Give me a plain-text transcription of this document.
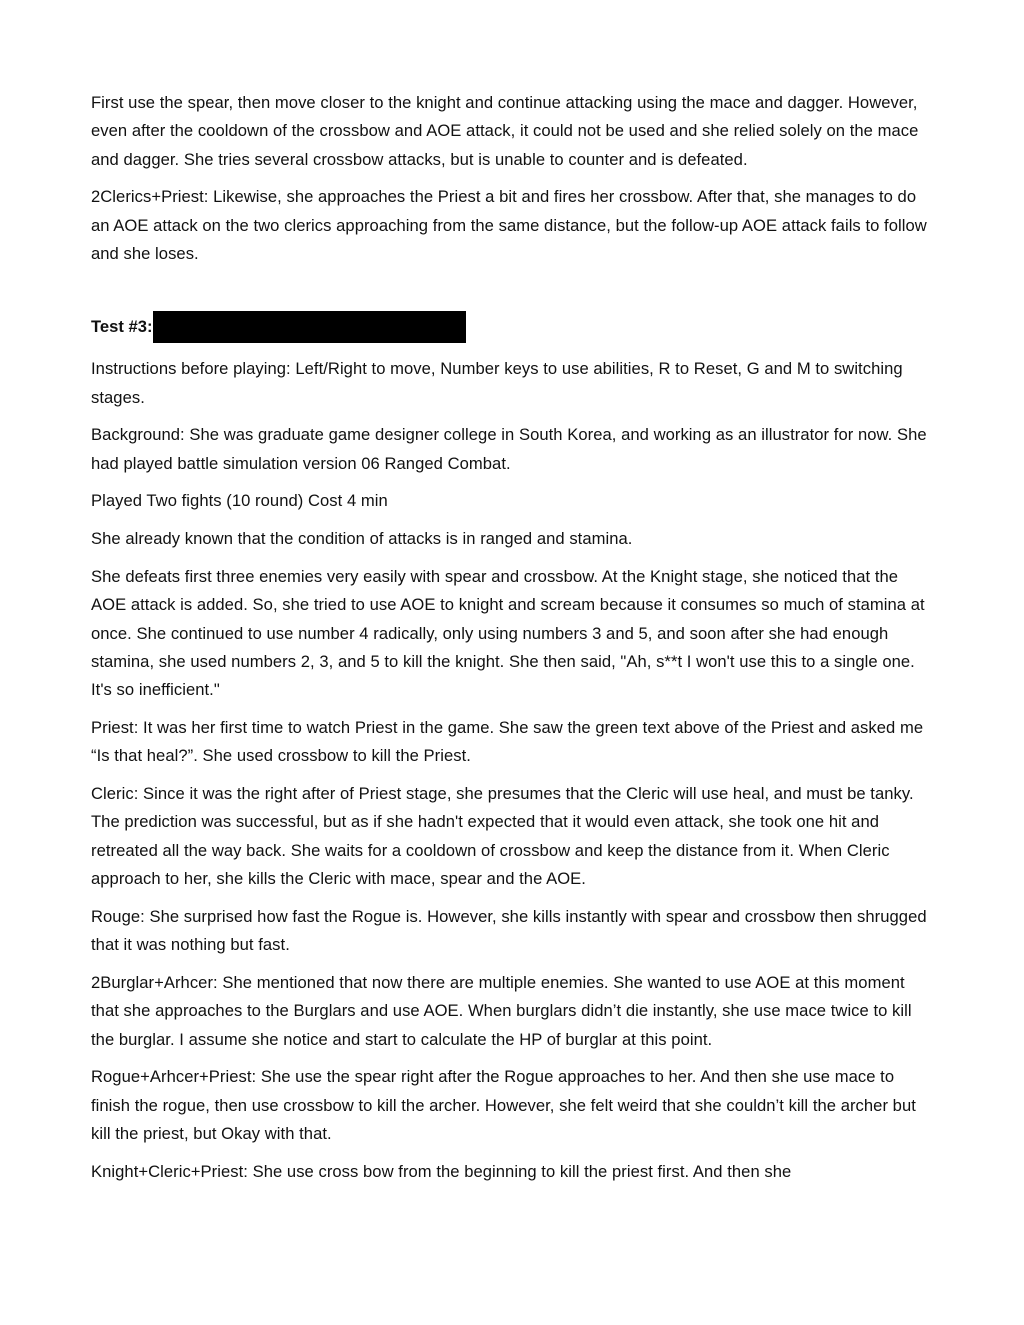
First use the spear, then move closer to the knight and continue attacking using the mace and dagger. However, even after the cooldown of the crossbow and AOE attack, it could not be used and she relied solely on the mace and dagger. She tries several crossbow attacks, but is unable to counter and is defeated.

2Clerics+Priest: Likewise, she approaches the Priest a bit and fires her crossbow. After that, she manages to do an AOE attack on the two clerics approaching from the same distance, but the follow-up AOE attack fails to follow and she loses.

Test #3:

Instructions before playing: Left/Right to move, Number keys to use abilities, R to Reset, G and M to switching stages.

Background: She was graduate game designer college in South Korea, and working as an illustrator for now. She had played battle simulation version 06 Ranged Combat.

Played Two fights (10 round) Cost 4 min

She already known that the condition of attacks is in ranged and stamina.

She defeats first three enemies very easily with spear and crossbow. At the Knight stage, she noticed that the AOE attack is added. So, she tried to use AOE to knight and scream because it consumes so much of stamina at once. She continued to use number 4 radically, only using numbers 3 and 5, and soon after she had enough stamina, she used numbers 2, 3, and 5 to kill the knight. She then said, "Ah, s**t I won't use this to a single one. It's so inefficient."

Priest: It was her first time to watch Priest in the game. She saw the green text above of the Priest and asked me “Is that heal?”. She used crossbow to kill the Priest.

Cleric: Since it was the right after of Priest stage, she presumes that the Cleric will use heal, and must be tanky. The prediction was successful, but as if she hadn't expected that it would even attack, she took one hit and retreated all the way back. She waits for a cooldown of crossbow and keep the distance from it. When Cleric approach to her, she kills the Cleric with mace, spear and the AOE.

Rouge: She surprised how fast the Rogue is. However, she kills instantly with spear and crossbow then shrugged that it was nothing but fast.

2Burglar+Arhcer: She mentioned that now there are multiple enemies. She wanted to use AOE at this moment that she approaches to the Burglars and use AOE. When burglars didn’t die instantly, she use mace twice to kill the burglar. I assume she notice and start to calculate the HP of burglar at this point.

Rogue+Arhcer+Priest: She use the spear right after the Rogue approaches to her. And then she use mace to finish the rogue, then use crossbow to kill the archer. However, she felt weird that she couldn’t kill the archer but kill the priest, but Okay with that.

Knight+Cleric+Priest: She use cross bow from the beginning to kill the priest first. And then she
